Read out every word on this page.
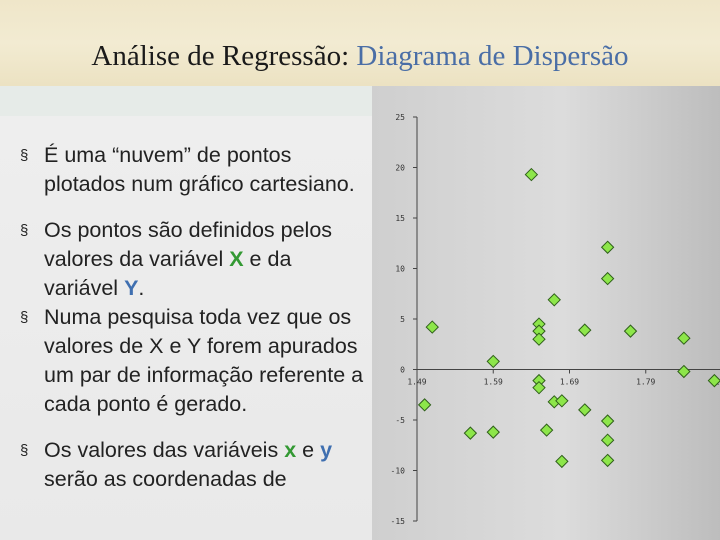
Análise de Regressão: Diagrama de Dispersão
§ É uma “nuvem” de pontos plotados num gráfico cartesiano.
§ Os pontos são definidos pelos valores da variável X e da variável Y.
§ Numa pesquisa toda vez que os valores de X e Y forem apurados um par de informação referente a cada ponto é gerado.
§ Os valores das variáveis x e y serão as coordenadas de
25
20
15
10
5
0
-5
-10
-15
1.49	1.59	1.69	1.79
